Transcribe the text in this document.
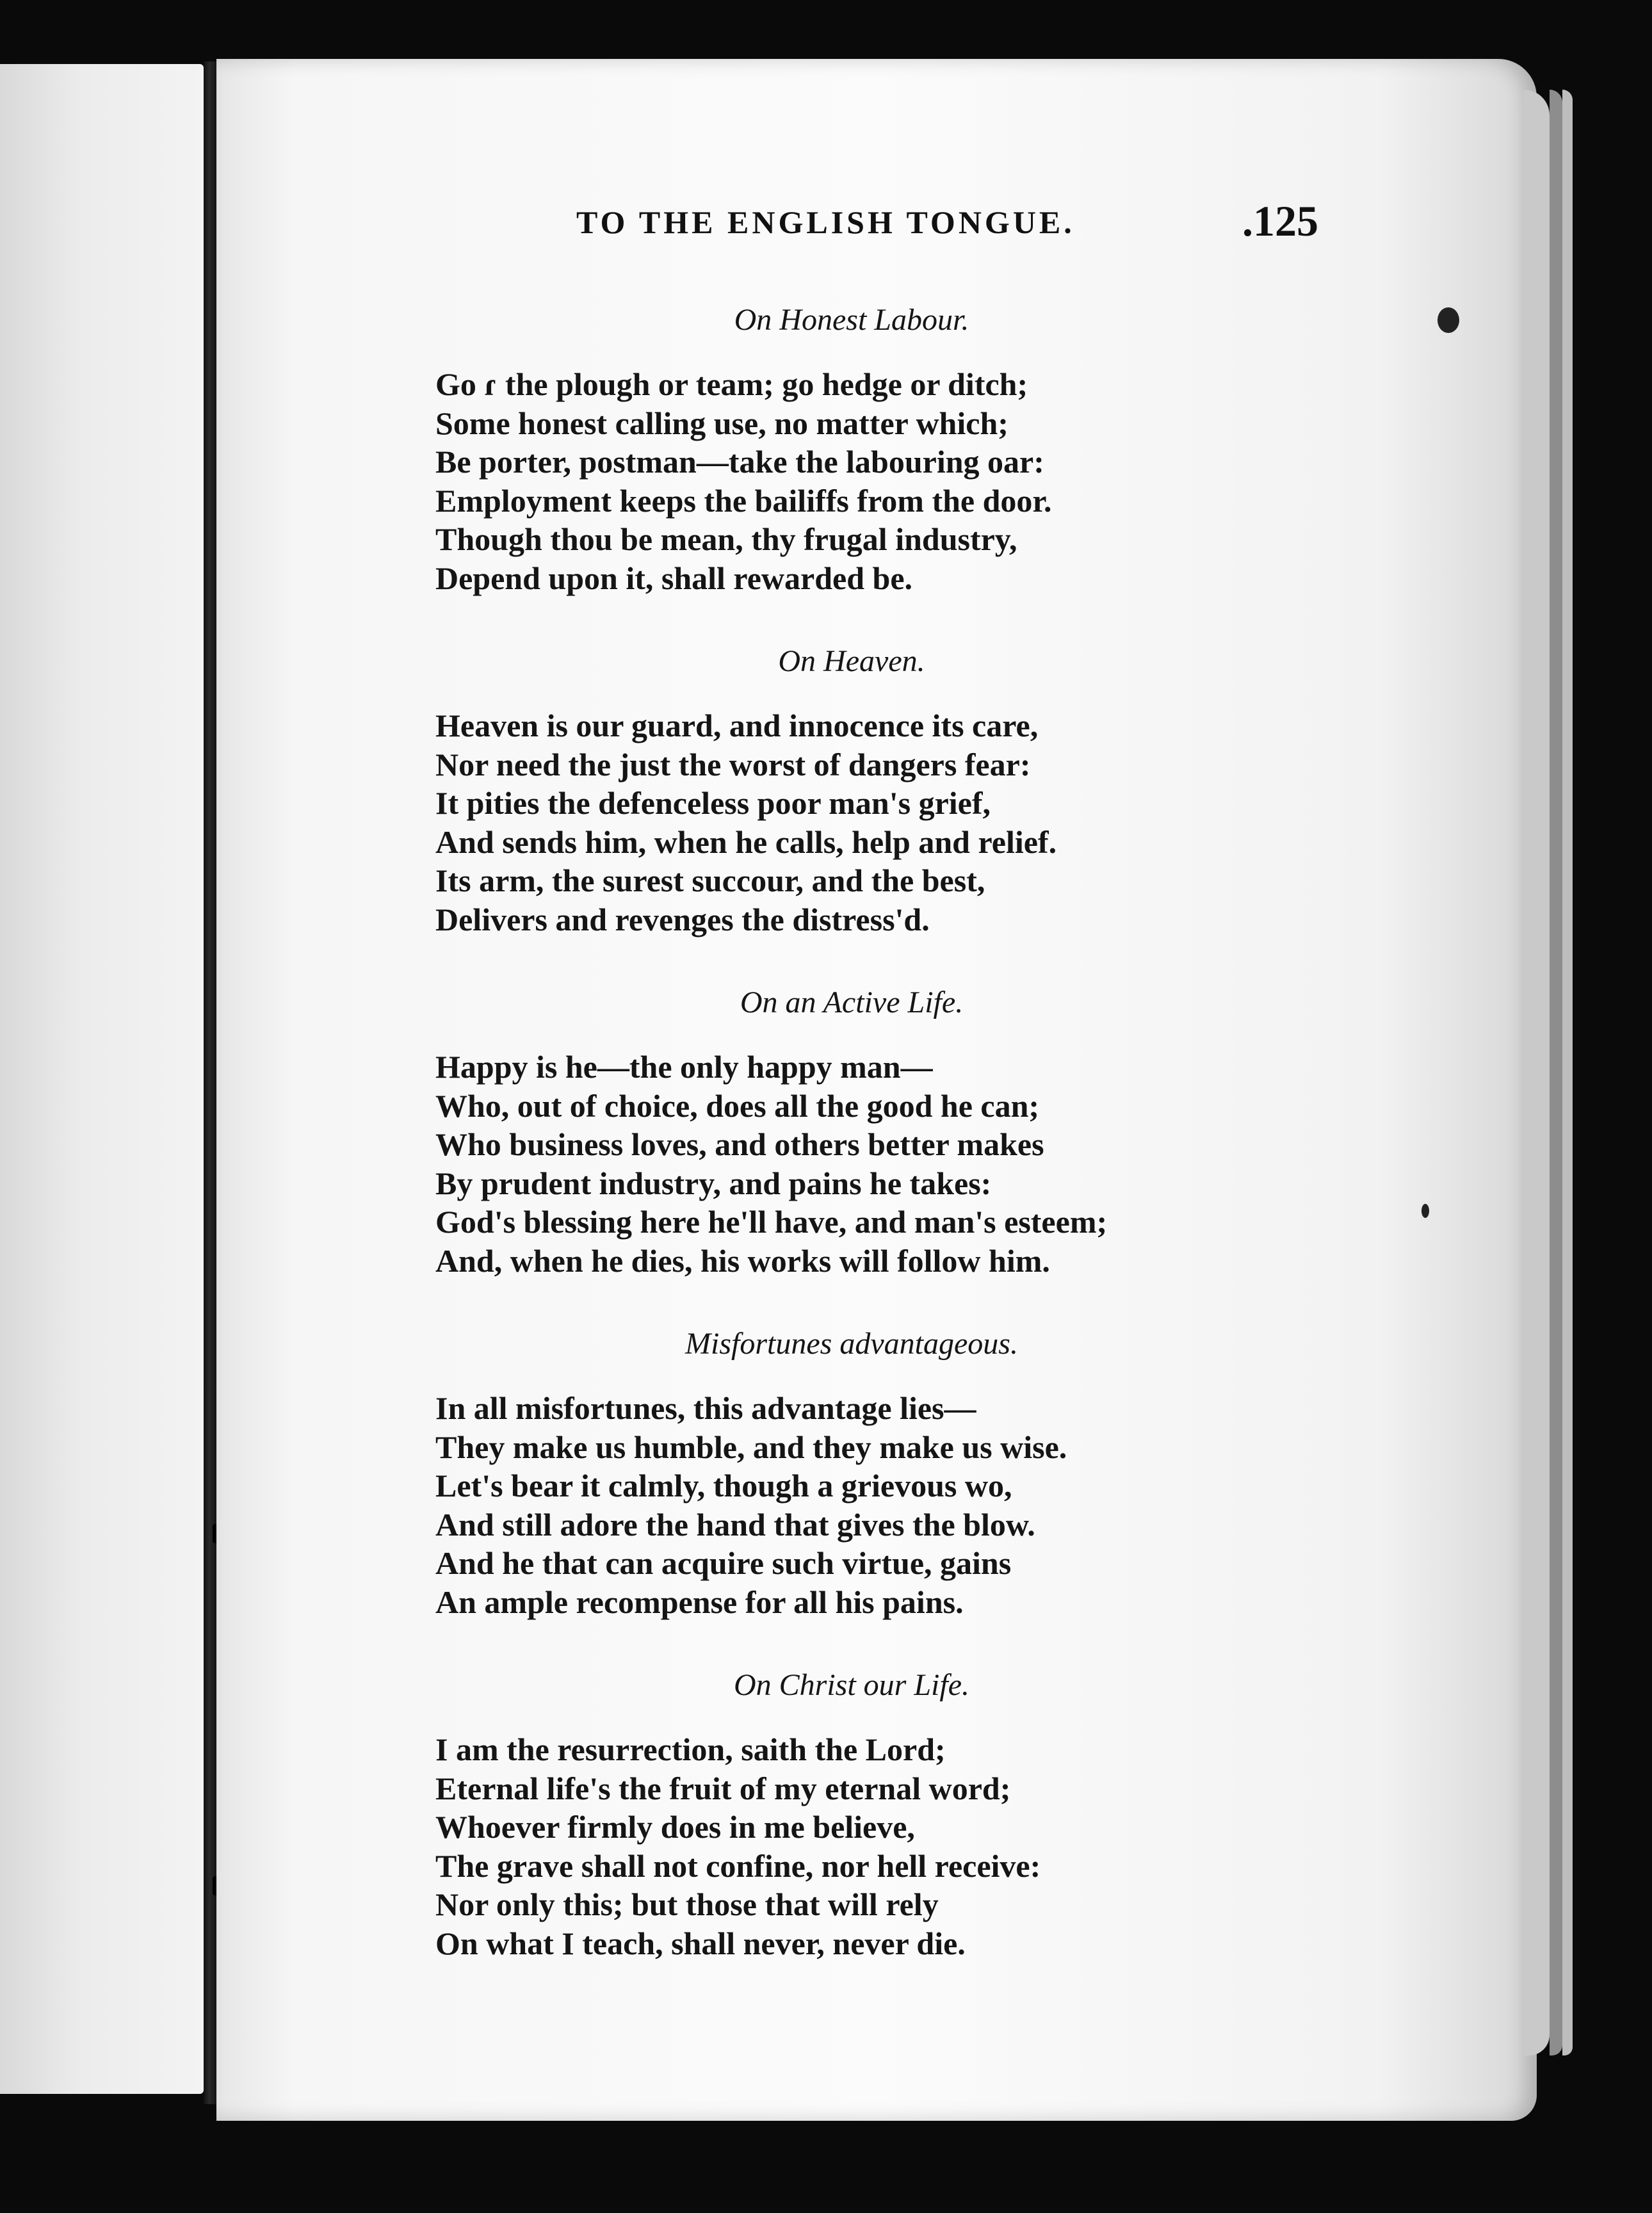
TO THE ENGLISH TONGUE.	.125

On Honest Labour.

Go ɾ the plough or team; go hedge or ditch;

Some honest calling use, no matter which;

Be porter, postman—take the labouring oar:

Employment keeps the bailiffs from the door.

Though thou be mean, thy frugal industry,

Depend upon it, shall rewarded be.

On Heaven.

Heaven is our guard, and innocence its care,

Nor need the just the worst of dangers fear:

It pities the defenceless poor man's grief,

And sends him, when he calls, help and relief.

Its arm, the surest succour, and the best,

Delivers and revenges the distress'd.

On an Active Life.

Happy is he—the only happy man—

Who, out of choice, does all the good he can;

Who business loves, and others better makes

By prudent industry, and pains he takes:

God's blessing here he'll have, and man's esteem;

And, when he dies, his works will follow him.

Misfortunes advantageous.

In all misfortunes, this advantage lies—

They make us humble, and they make us wise.

Let's bear it calmly, though a grievous wo,

And still adore the hand that gives the blow.

And he that can acquire such virtue, gains

An ample recompense for all his pains.

On Christ our Life.

I am the resurrection, saith the Lord;

Eternal life's the fruit of my eternal word;

Whoever firmly does in me believe,

The grave shall not confine, nor hell receive:

Nor only this; but those that will rely

On what I teach, shall never, never die.
